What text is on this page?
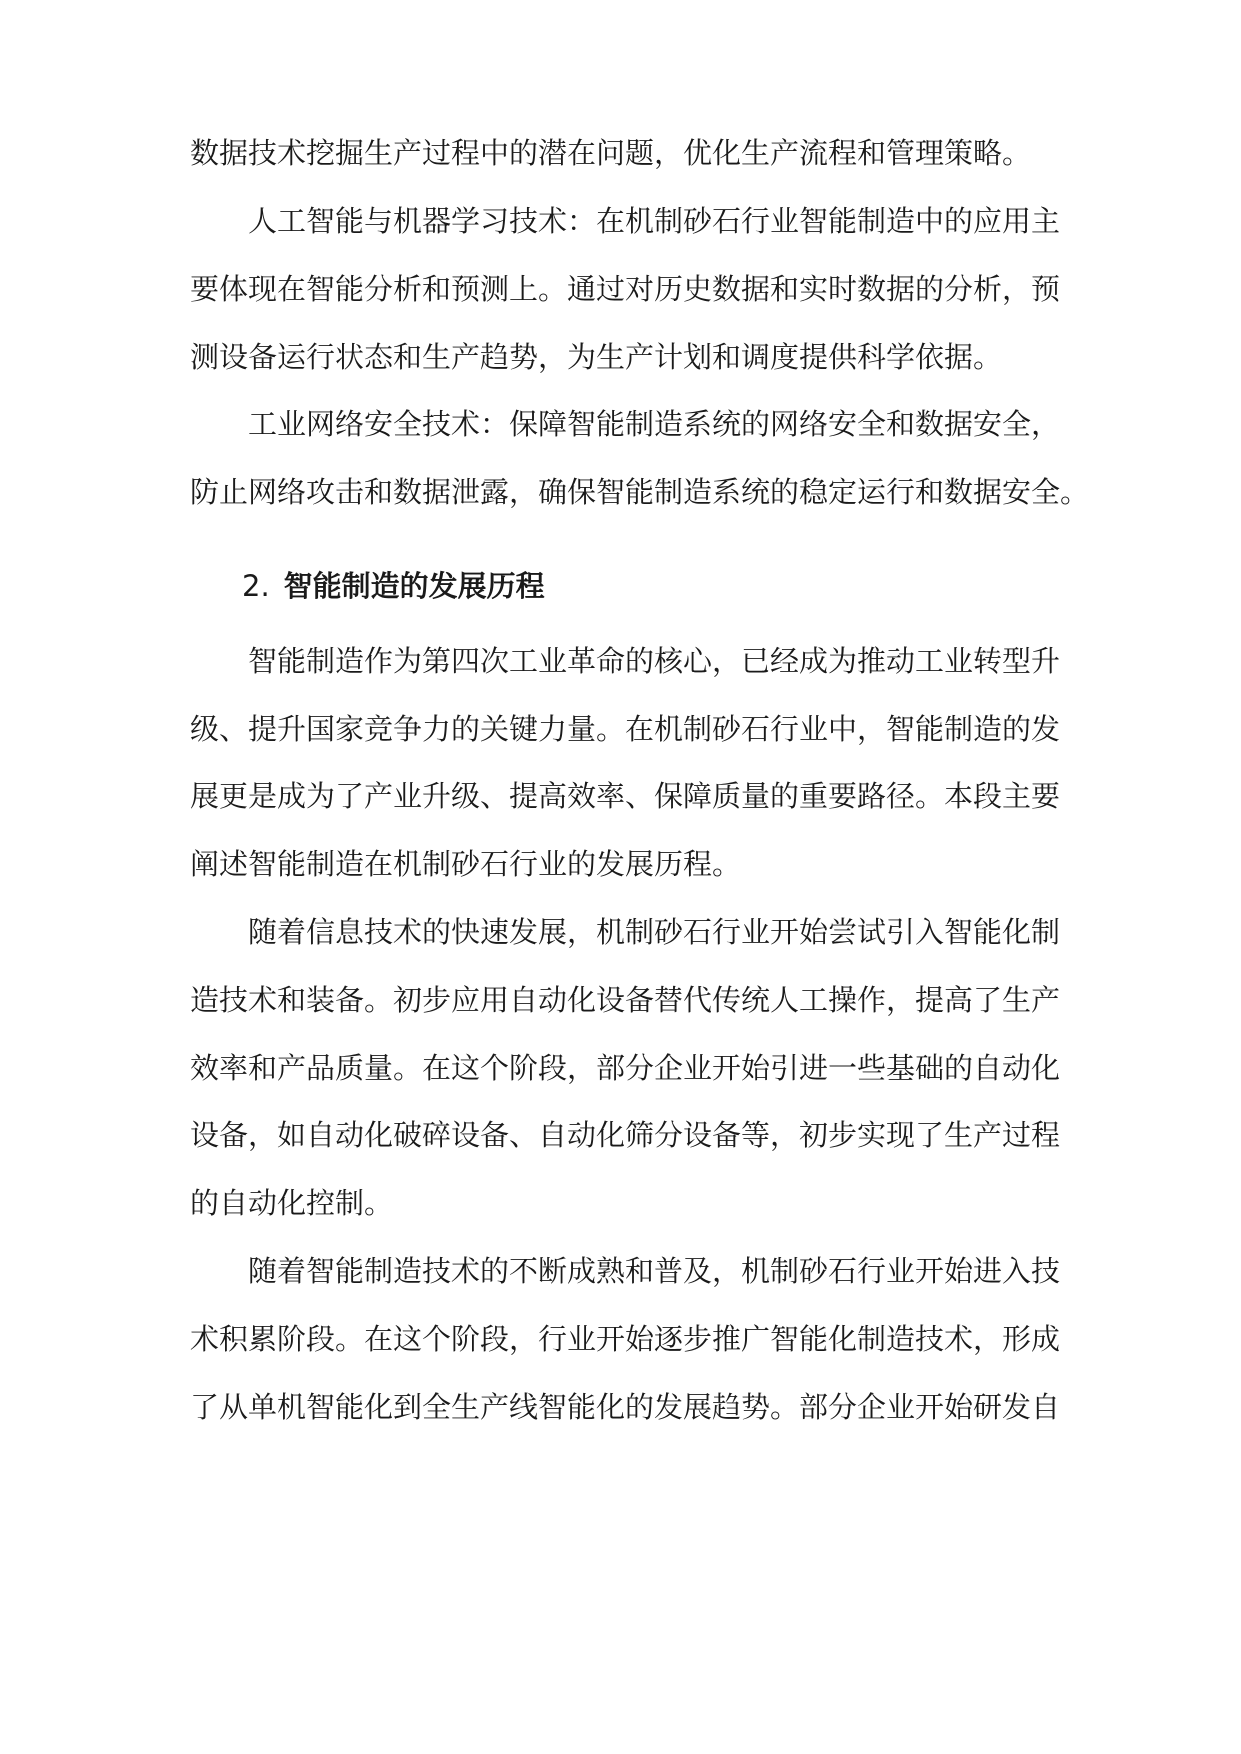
数据技术挖掘生产过程中的潜在问题，优化生产流程和管理策略。
人工智能与机器学习技术：在机制砂石行业智能制造中的应用主
要体现在智能分析和预测上。通过对历史数据和实时数据的分析，预
测设备运行状态和生产趋势，为生产计划和调度提供科学依据。
工业网络安全技术：保障智能制造系统的网络安全和数据安全，
防止网络攻击和数据泄露，确保智能制造系统的稳定运行和数据安全。
2. 智能制造的发展历程
智能制造作为第四次工业革命的核心，已经成为推动工业转型升
级、提升国家竞争力的关键力量。在机制砂石行业中，智能制造的发
展更是成为了产业升级、提高效率、保障质量的重要路径。本段主要
阐述智能制造在机制砂石行业的发展历程。
随着信息技术的快速发展，机制砂石行业开始尝试引入智能化制
造技术和装备。初步应用自动化设备替代传统人工操作，提高了生产
效率和产品质量。在这个阶段，部分企业开始引进一些基础的自动化
设备，如自动化破碎设备、自动化筛分设备等，初步实现了生产过程
的自动化控制。
随着智能制造技术的不断成熟和普及，机制砂石行业开始进入技
术积累阶段。在这个阶段，行业开始逐步推广智能化制造技术，形成
了从单机智能化到全生产线智能化的发展趋势。部分企业开始研发自
